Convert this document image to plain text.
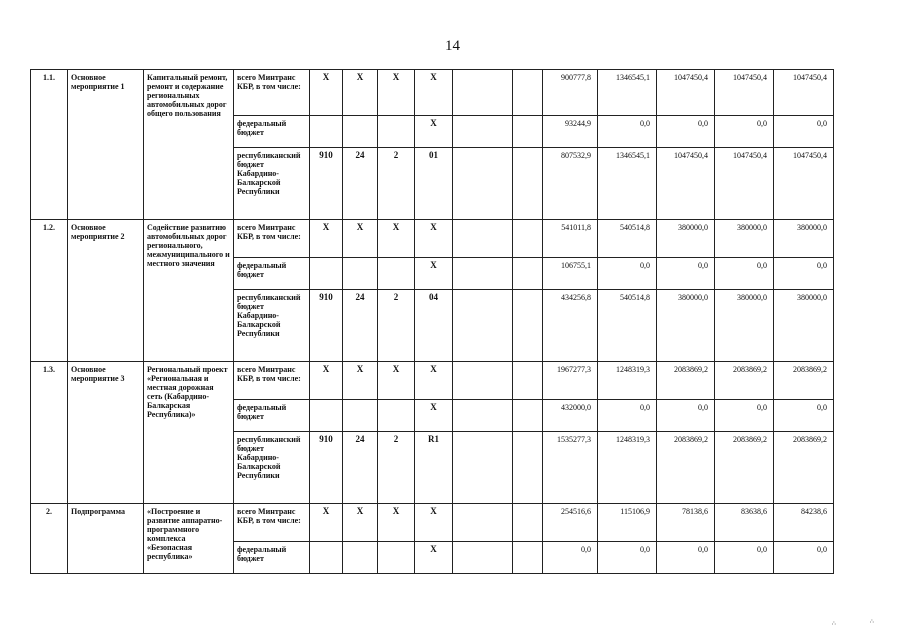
14
1.1.	Основное мероприятие 1	Капитальный ремонт, ремонт и содержание региональных автомобильных дорог общего пользования	всего Минтранс КБР, в том числе:	Х	Х	Х	Х			900777,8	1346545,1	1047450,4	1047450,4	1047450,4
			федеральный бюджет				Х			93244,9	0,0	0,0	0,0	0,0
			республиканский бюджет Кабардино-Балкарской Республики	910	24	2	01			807532,9	1346545,1	1047450,4	1047450,4	1047450,4
1.2.	Основное мероприятие 2	Содействие развитию автомобильных дорог регионального, межмуниципального и местного значения	всего Минтранс КБР, в том числе:	Х	Х	Х	Х			541011,8	540514,8	380000,0	380000,0	380000,0
			федеральный бюджет				Х			106755,1	0,0	0,0	0,0	0,0
			республиканский бюджет Кабардино-Балкарской Республики	910	24	2	04			434256,8	540514,8	380000,0	380000,0	380000,0
1.3.	Основное мероприятие 3	Региональный проект «Региональная и местная дорожная сеть (Кабардино-Балкарская Республика)»	всего Минтранс КБР, в том числе:	Х	Х	Х	Х			1967277,3	1248319,3	2083869,2	2083869,2	2083869,2
			федеральный бюджет				Х			432000,0	0,0	0,0	0,0	0,0
			республиканский бюджет Кабардино-Балкарской Республики	910	24	2	R1			1535277,3	1248319,3	2083869,2	2083869,2	2083869,2
2.	Подпрограмма	«Построение и развитие аппаратно-программного комплекса «Безопасная республика»	всего Минтранс КБР, в том числе:	Х	Х	Х	Х			254516,6	115106,9	78138,6	83638,6	84238,6
			федеральный бюджет				Х			0,0	0,0	0,0	0,0	0,0
∴	∴
